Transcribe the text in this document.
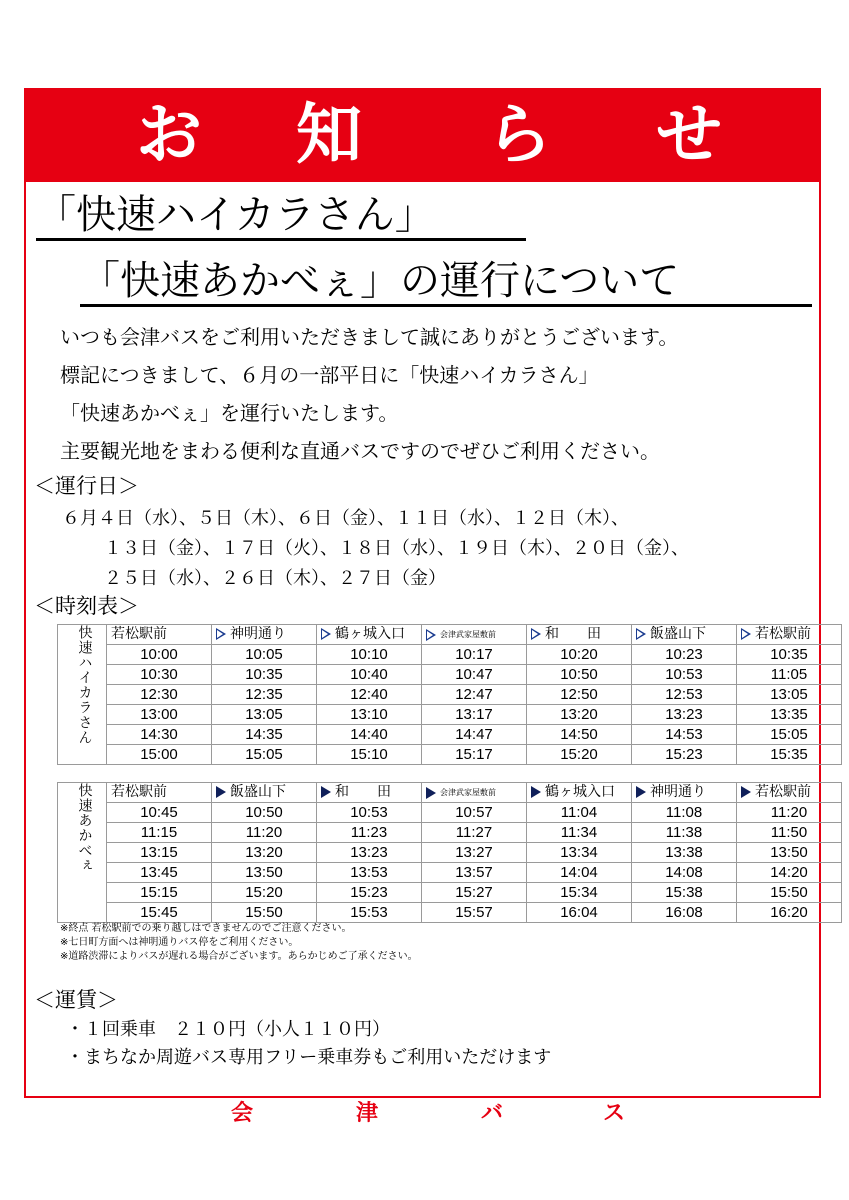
お 知 ら せ
「快速ハイカラさん」
「快速あかべぇ」の運行について
いつも会津バスをご利用いただきまして誠にありがとうございます。
標記につきまして、６月の一部平日に「快速ハイカラさん」
「快速あかべぇ」を運行いたします。
主要観光地をまわる便利な直通バスですのでぜひご利用ください。
＜運行日＞
６月４日（水）、５日（木）、６日（金）、１１日（水）、１２日（木）、
１３日（金）、１７日（火）、１８日（水）、１９日（木）、２０日（金）、
２５日（水）、２６日（木）、２７日（金）
＜時刻表＞
快速ハイカラさん	若松駅前	神明通り	鶴ヶ城入口	会津武家屋敷前	和　　田	飯盛山下	若松駅前
	10:00	10:05	10:10	10:17	10:20	10:23	10:35
	10:30	10:35	10:40	10:47	10:50	10:53	11:05
	12:30	12:35	12:40	12:47	12:50	12:53	13:05
	13:00	13:05	13:10	13:17	13:20	13:23	13:35
	14:30	14:35	14:40	14:47	14:50	14:53	15:05
	15:00	15:05	15:10	15:17	15:20	15:23	15:35
快速あかべぇ	若松駅前	飯盛山下	和　　田	会津武家屋敷前	鶴ヶ城入口	神明通り	若松駅前
	10:45	10:50	10:53	10:57	11:04	11:08	11:20
	11:15	11:20	11:23	11:27	11:34	11:38	11:50
	13:15	13:20	13:23	13:27	13:34	13:38	13:50
	13:45	13:50	13:53	13:57	14:04	14:08	14:20
	15:15	15:20	15:23	15:27	15:34	15:38	15:50
	15:45	15:50	15:53	15:57	16:04	16:08	16:20
※終点 若松駅前での乗り越しはできませんのでご注意ください。
※七日町方面へは神明通りバス停をご利用ください。
※道路渋滞によりバスが遅れる場合がございます。あらかじめご了承ください。
＜運賃＞
・１回乗車　２１０円（小人１１０円）
・まちなか周遊バス専用フリー乗車券もご利用いただけます
会	津	バ	ス
